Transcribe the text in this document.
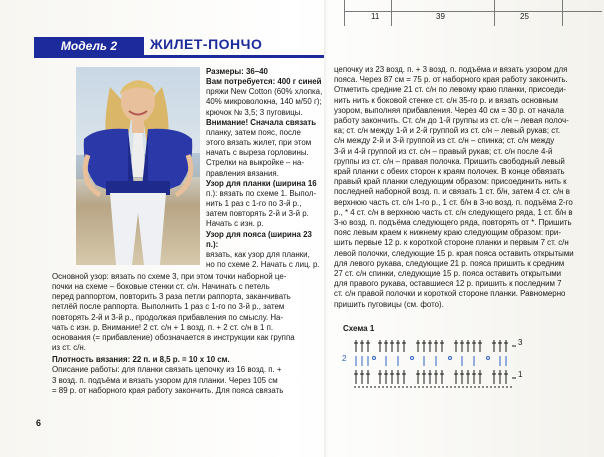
11	39	25
Модель 2	ЖИЛЕТ-ПОНЧО
Размеры: 36–40
Вам потребуется: 400 г синей
пряжи New Cotton (60% хлопка,
40% микроволокна, 140 м/50 г);
крючок № 3,5; 3 пуговицы.
Внимание! Сначала связать
планку, затем пояс, после
этого вязать жилет, при этом
начать с выреза горловины.
Стрелки на выкройке – на-
правления вязания.
Узор для планки (ширина 16
п.): вязать по схеме 1. Выпол-
нить 1 раз с 1-го по 3-й р.,
затем повторять 2-й и 3-й р.
Начать с изн. р.
Узор для пояса (ширина 23 п.):
вязать, как узор для планки,
но по схеме 2. Начать с лиц. р.
Основной узор: вязать по схеме 3, при этом точки наборной це-
почки на схеме – боковые стенки ст. с/н. Начинать с петель
перед раппортом, повторить 3 раза петли раппорта, заканчивать
петлёй после раппорта. Выполнить 1 раз с 1-го по 3-й р., затем
повторять 2-й и 3-й р., продолжая прибавления по смыслу. На-
чать с изн. р. Внимание! 2 ст. с/н + 1 возд. п. + 2 ст. с/н в 1 п.
основания (= прибавление) обозначается в инструкции как группа
из ст. с/н.
Плотность вязания: 22 п. и 8,5 р. = 10 х 10 см.
Описание работы: для планки связать цепочку из 16 возд. п. +
3 возд. п. подъёма и вязать узором для планки. Через 105 см
= 89 р. от наборного края работу закончить. Для пояса связать
цепочку из 23 возд. п. + 3 возд. п. подъёма и вязать узором для
пояса. Через 87 см = 75 р. от наборного края работу закончить.
Отметить средние 21 ст. с/н по левому краю планки, присоеди-
нить нить к боковой стенке ст. с/н 35-го р. и вязать основным
узором, выполняя прибавления. Через 40 см = 30 р. от начала
работу закончить. Ст. с/н до 1-й группы из ст. с/н – левая полоч-
ка; ст. с/н между 1-й и 2-й группой из ст. с/н – левый рукав; ст.
с/н между 2-й и 3-й группой из ст. с/н – спинка; ст. с/н между
3-й и 4-й группой из ст. с/н – правый рукав; ст. с/н после 4-й
группы из ст. с/н – правая полочка. Пришить свободный левый
край планки с обеих сторон к краям полочек. В конце обвязать
правый край планки следующим образом: присоединить нить к
последней наборной возд. п. и связать 1 ст. б/н, затем 4 ст. с/н в
верхнюю часть ст. с/н 1-го р., 1 ст. б/н в 3-ю возд. п. подъёма 2-го
р., * 4 ст. с/н в верхнюю часть ст. с/н следующего ряда, 1 ст. б/н в
3-ю возд. п. подъёма следующего ряда, повторять от *. Пришить
пояс левым краем к нижнему краю следующим образом: при-
шить первые 12 р. к короткой стороне планки и первым 7 ст. с/н
левой полочки, следующие 15 р. края пояса оставить открытыми
для левого рукава, следующие 21 р. пояса пришить к средним
27 ст. с/н спинки, следующие 15 р. пояса оставить открытыми
для правого рукава, оставшиеся 12 р. пришить к последним 7
ст. с/н правой полочки и короткой стороне планки. Равномерно
пришить пуговицы (см. фото).
Схема 1
3
1
2
6
